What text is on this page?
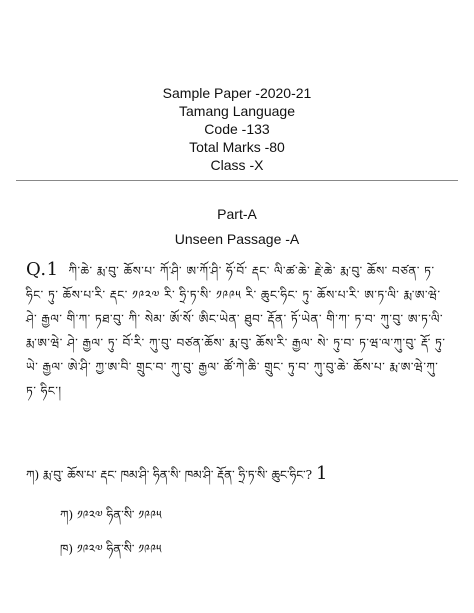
Sample Paper -2020-21
Tamang Language
Code -133
Total Marks -80
Class -X
Part-A
Unseen Passage -A
Q.1 ཀི་ཆེ་ རྨ་བུ་ ཆོས་པ་ ཀོ་ཤི་ ཨ་ཀོ་ཤི་ ཧོ་བོ་ རྡང་ ལི་ཚ་ཆེ་ རྗེ་ཆེ་ རྨ་བུ་ ཆོས་ བཙན་ ཏ་ཧིང་ ཏུ་ ཆོས་པ་རི་ རྡང་ ༡༩༢༧ རི་ ཧྲི་ཏ་སི་ ༡༩༩༥ རི་ ཆུང་ཧིང་ ཏུ་ ཆོས་པ་རི་ ཨ་ཏ་ལི་ རྨ་ཨ་ཝེ་ ཤེ་ རྒྱལ་ གི་ཀ་ ཏཐ་བུ་ ཀི་ སེམ་ ཨོ་སོ་ ཨིང་ཡེན་ ཐུབ་ རྡོན་ ཏོ་ཡེན་ གི་ཀ་ ཏ་བ་ ཀུ་བུ་ ཨ་ཏ་ལི་ རྨ་ཨ་ཝེ་ ཤེ་ རྒྱལ་ ཏུ་ བོ་རི་ ཀུ་བུ་ བཙན་ཆོས་ རྨ་བུ་ ཆོས་རི་ རྒྱལ་ སེ་ ཏུ་བ་ ཏ་ཝ་ལ་ཀུ་བུ་ རྡོ་ ཏུ་ཡེ་ རྒྱལ་ ཨེ་ཤི་ ཀྱ་ཨ་བི་ གྲུང་བ་ ཀུ་བུ་ རྒྱལ་ ཚོ་ཀེ་ཆི་ གྲུང་ ཏུ་བ་ ཀུ་བུ་ཆེ་ ཆོས་པ་ རྨ་ཨ་ཝེ་ཀུ་ ཏ་ ཧིང་།
ཀ) རྨ་བུ་ ཆོས་པ་ རྡང་ ཁམ་ཤི་ ཧིན་སི་ ཁམ་ཤི་ རྡོན་ ཧྲི་ཏ་སི་ ཆུང་ཧིང་? 1
ཀ) ༡༩༢༧ ཧིན་སི་ ༡༩༩༥
ཁ) ༡༩༢༧ ཧིན་སི་ ༡༩༩༥
